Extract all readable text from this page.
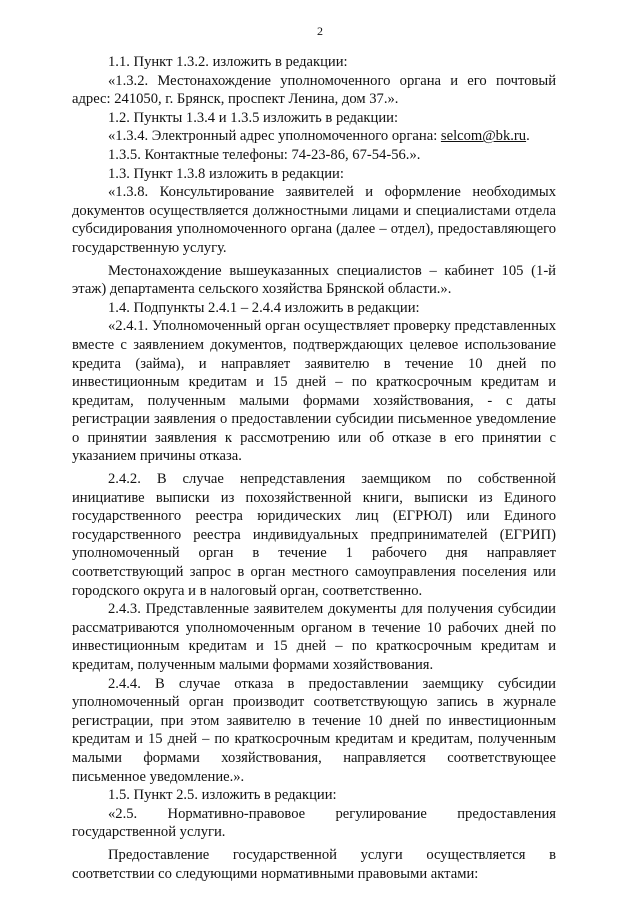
2

1.1. Пункт 1.3.2. изложить в редакции:

«1.3.2. Местонахождение уполномоченного органа и его почтовый адрес: 241050, г. Брянск, проспект Ленина, дом 37.».

1.2. Пункты 1.3.4 и 1.3.5 изложить в редакции:

«1.3.4. Электронный адрес уполномоченного органа: selcom@bk.ru.

1.3.5. Контактные телефоны: 74-23-86, 67-54-56.».

1.3. Пункт 1.3.8 изложить в редакции:

«1.3.8. Консультирование заявителей и оформление необходимых документов осуществляется должностными лицами и специалистами отдела субсидирования уполномоченного органа (далее – отдел), предоставляющего государственную услугу.

Местонахождение вышеуказанных специалистов – кабинет 105 (1-й этаж) департамента сельского хозяйства Брянской области.».

1.4. Подпункты 2.4.1 – 2.4.4 изложить в редакции:

«2.4.1. Уполномоченный орган осуществляет проверку представленных вместе с заявлением документов, подтверждающих целевое использование кредита (займа), и направляет заявителю в течение 10 дней по инвестиционным кредитам и 15 дней – по краткосрочным кредитам и кредитам, полученным малыми формами хозяйствования, - с даты регистрации заявления о предоставлении субсидии письменное уведомление о принятии заявления к рассмотрению или об отказе в его принятии с указанием причины отказа.

2.4.2. В случае непредставления заемщиком по собственной инициативе выписки из похозяйственной книги, выписки из Единого государственного реестра юридических лиц (ЕГРЮЛ) или Единого государственного реестра индивидуальных предпринимателей (ЕГРИП) уполномоченный орган в течение 1 рабочего дня направляет соответствующий запрос в орган местного самоуправления поселения или городского округа и в налоговый орган, соответственно.

2.4.3. Представленные заявителем документы для получения субсидии рассматриваются уполномоченным органом в течение 10 рабочих дней по инвестиционным кредитам и 15 дней – по краткосрочным кредитам и кредитам, полученным малыми формами хозяйствования.

2.4.4. В случае отказа в предоставлении заемщику субсидии уполномоченный орган производит соответствующую запись в журнале регистрации, при этом заявителю в течение 10 дней по инвестиционным кредитам и 15 дней – по краткосрочным кредитам и кредитам, полученным малыми формами хозяйствования, направляется соответствующее письменное уведомление.».

1.5. Пункт 2.5. изложить в редакции:

«2.5. Нормативно-правовое регулирование предоставления государственной услуги.

Предоставление государственной услуги осуществляется в соответствии со следующими нормативными правовыми актами:
